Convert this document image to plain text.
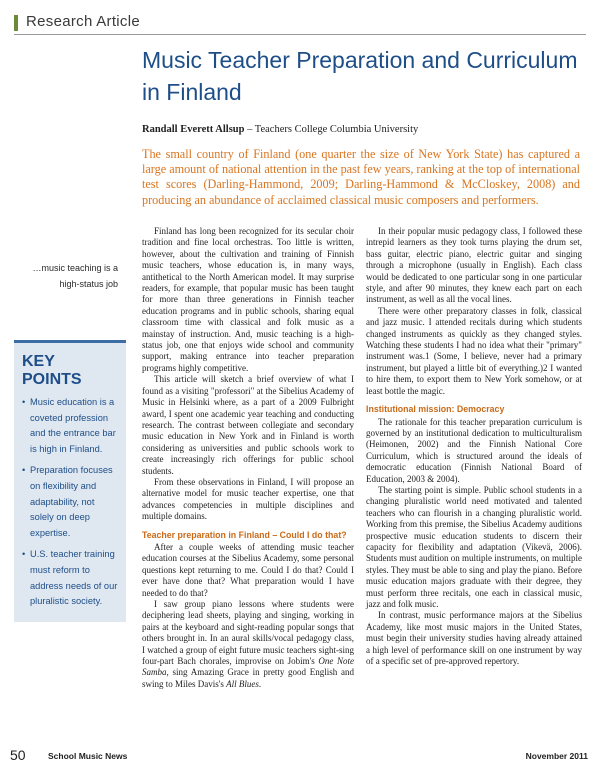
Research Article
Music Teacher Preparation and Curriculum in Finland
Randall Everett Allsup – Teachers College Columbia University

The small country of Finland (one quarter the size of New York State) has captured a large amount of national attention in the past few years, ranking at the top of international test scores (Darling-Hammond, 2009; Darling-Hammond & McCloskey, 2008) and producing an abundance of acclaimed classical music composers and performers.

…music teaching is a high-status job
KEY POINTS
• Music education is a coveted profession and the entrance bar is high in Finland.
• Preparation focuses on flexibility and adaptability, not solely on deep expertise.
• U.S. teacher training must reform to address needs of our pluralistic society.

Finland has long been recognized for its secular choir tradition and fine local orchestras. Too little is written, however, about the cultivation and training of Finnish music teachers, whose education is, in many ways, antithetical to the North American model. It may surprise readers, for example, that popular music has been taught for more than three generations in Finnish teacher education programs and in public schools, sharing equal classroom time with classical and folk music as a mainstay of instruction. And, music teaching is a high-status job, one that enjoys wide school and community support, making entrance into teacher preparation programs highly competitive.

This article will sketch a brief overview of what I found as a visiting "professori" at the Sibelius Academy of Music in Helsinki where, as a part of a 2009 Fulbright award, I spent one academic year teaching and conducting research. The contrast between collegiate and secondary music education in New York and in Finland is worth considering as universities and public schools work to create increasingly rich offerings for public school students.

From these observations in Finland, I will propose an alternative model for music teacher expertise, one that advances competencies in multiple disciplines and multiple domains.

Teacher preparation in Finland – Could I do that?

After a couple weeks of attending music teacher education courses at the Sibelius Academy, some personal questions kept returning to me. Could I do that? Could I ever have done that? What preparation would I have needed to do that?

I saw group piano lessons where students were deciphering lead sheets, playing and singing, working in pairs at the keyboard and sight-reading popular songs that others brought in. In an aural skills/vocal pedagogy class, I watched a group of eight future music teachers sight-sing four-part Bach chorales, improvise on Jobim's One Note Samba, sing Amazing Grace in pretty good English and swing to Miles Davis's All Blues.

In their popular music pedagogy class, I followed these intrepid learners as they took turns playing the drum set, bass guitar, electric piano, electric guitar and singing through a microphone (usually in English). Each class would be dedicated to one particular song in one particular style, and after 90 minutes, they knew each part on each instrument, as well as all the vocal lines.

There were other preparatory classes in folk, classical and jazz music. I attended recitals during which students changed instruments as quickly as they changed styles. Watching these students I had no idea what their "primary" instrument was.1 (Some, I believe, never had a primary instrument, but played a little bit of everything.)2 I wanted to hire them, to export them to New York somehow, or at least bottle the magic.

Institutional mission: Democracy

The rationale for this teacher preparation curriculum is governed by an institutional dedication to multiculturalism (Heimonen, 2002) and the Finnish National Core Curriculum, which is structured around the ideals of democratic education (Finnish National Board of Education, 2003 & 2004).

The starting point is simple. Public school students in a changing pluralistic world need motivated and talented teachers who can flourish in a changing pluralistic world. Working from this premise, the Sibelius Academy auditions prospective music education students to discern their capacity for flexibility and adaptation (Vikevä, 2006). Students must audition on multiple instruments, on multiple styles. They must be able to sing and play the piano. Before music education majors graduate with their degree, they must perform three recitals, one each in classical music, jazz and folk music.

In contrast, music performance majors at the Sibelius Academy, like most music majors in the United States, must begin their university studies having already attained a high level of performance skill on one instrument by way of a specific set of pre-approved repertory.

50	School Music News	November 2011
